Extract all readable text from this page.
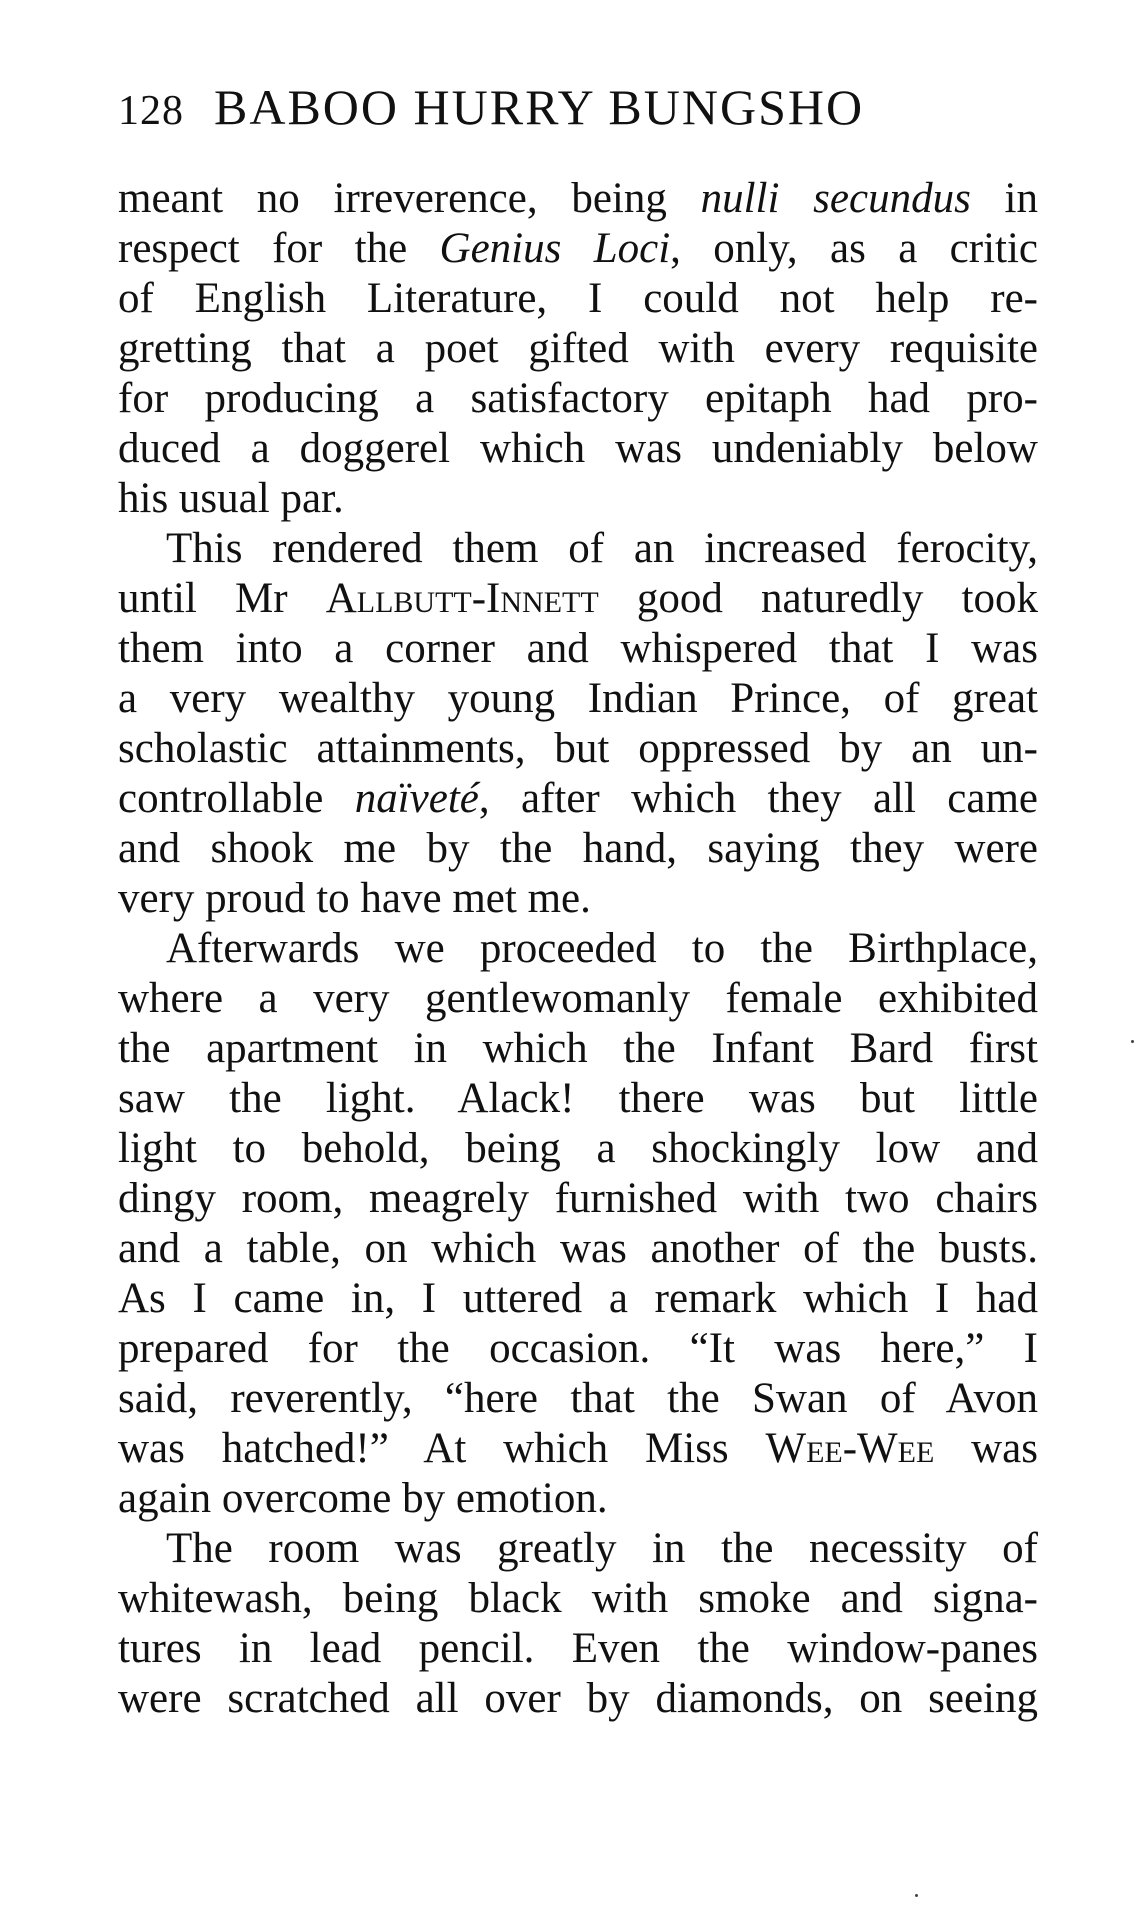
128 BABOO HURRY BUNGSHO
meant no irreverence, being nulli secundus in
respect for the Genius Loci, only, as a critic
of English Literature, I could not help re-
gretting that a poet gifted with every requisite
for producing a satisfactory epitaph had pro-
duced a doggerel which was undeniably below
his usual par.
This rendered them of an increased ferocity,
until Mr Allbutt-Innett good naturedly took
them into a corner and whispered that I was
a very wealthy young Indian Prince, of great
scholastic attainments, but oppressed by an un-
controllable naïveté, after which they all came
and shook me by the hand, saying they were
very proud to have met me.
Afterwards we proceeded to the Birthplace,
where a very gentlewomanly female exhibited
the apartment in which the Infant Bard first
saw the light. Alack! there was but little
light to behold, being a shockingly low and
dingy room, meagrely furnished with two chairs
and a table, on which was another of the busts.
As I came in, I uttered a remark which I had
prepared for the occasion. “It was here,” I
said, reverently, “here that the Swan of Avon
was hatched!” At which Miss Wee-Wee was
again overcome by emotion.
The room was greatly in the necessity of
whitewash, being black with smoke and signa-
tures in lead pencil. Even the window-panes
were scratched all over by diamonds, on seeing
